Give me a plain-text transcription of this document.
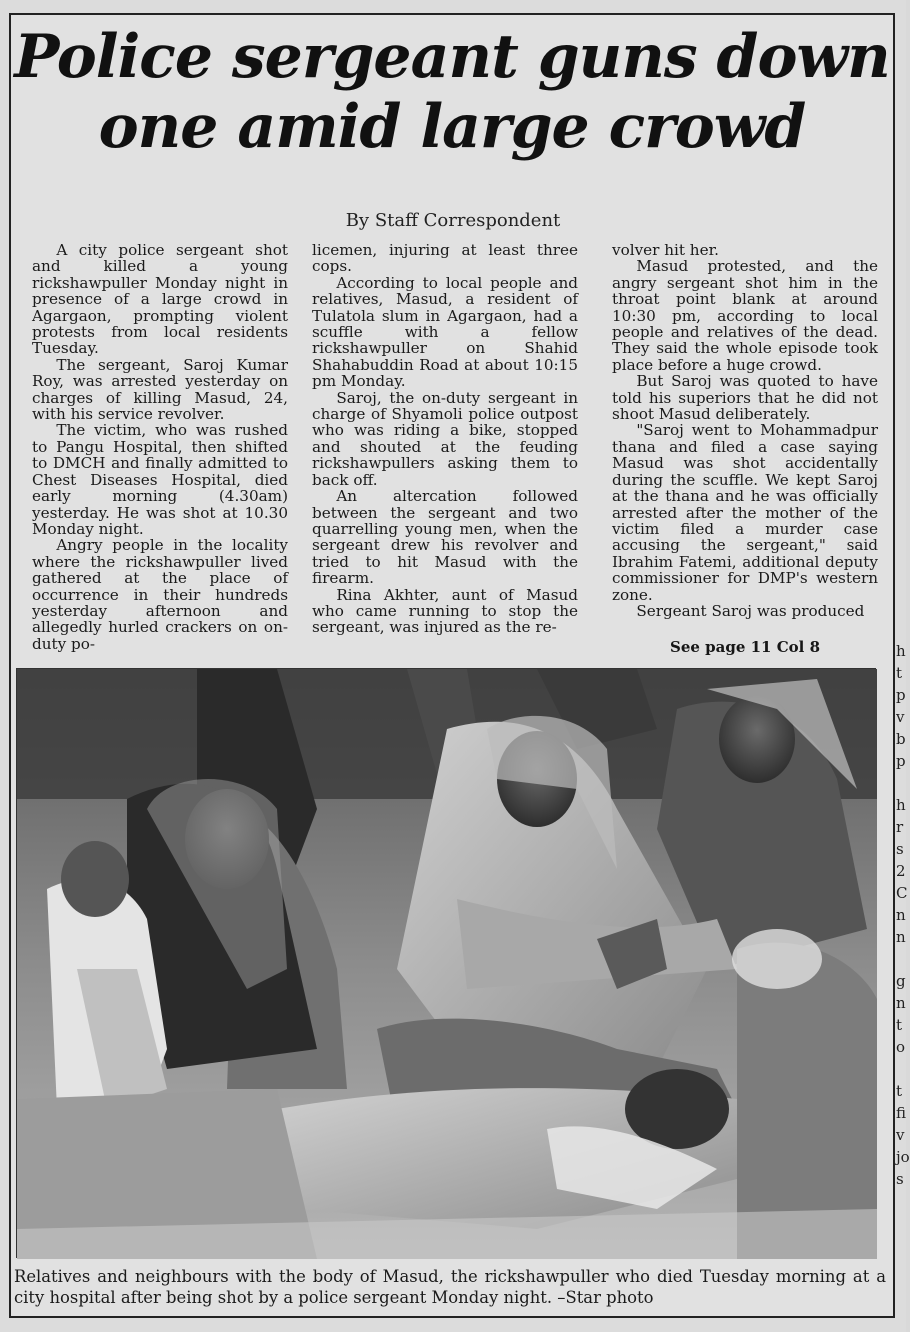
Police sergeant guns down
one amid large crowd
By Staff Correspondent

A city police sergeant shot and killed a young rickshawpuller Monday night in presence of a large crowd in Agargaon, prompting violent protests from local residents Tuesday.

The sergeant, Saroj Kumar Roy, was arrested yesterday on charges of killing Masud, 24, with his service revolver.

The victim, who was rushed to Pangu Hospital, then shifted to DMCH and finally admitted to Chest Diseases Hospital, died early morning (4.30am) yesterday. He was shot at 10.30 Monday night.

Angry people in the locality where the rickshawpuller lived gathered at the place of occurrence in their hundreds yesterday afternoon and allegedly hurled crackers on on-duty po-

licemen, injuring at least three cops.

According to local people and relatives, Masud, a resident of Tulatola slum in Agargaon, had a scuffle with a fellow rickshawpuller on Shahid Shahabuddin Road at about 10:15 pm Monday.

Saroj, the on-duty sergeant in charge of Shyamoli police outpost who was riding a bike, stopped and shouted at the feuding rickshawpullers asking them to back off.

An altercation followed between the sergeant and two quarrelling young men, when the sergeant drew his revolver and tried to hit Masud with the firearm.

Rina Akhter, aunt of Masud who came running to stop the sergeant, was injured as the re-

volver hit her.

Masud protested, and the angry sergeant shot him in the throat point blank at around 10:30 pm, according to local people and relatives of the dead. They said the whole episode took place before a huge crowd.

But Saroj was quoted to have told his superiors that he did not shoot Masud deliberately.

"Saroj went to Mohammadpur thana and filed a case saying Masud was shot accidentally during the scuffle. We kept Saroj at the thana and he was officially arrested after the mother of the victim filed a murder case accusing the sergeant," said Ibrahim Fatemi, additional deputy commissioner for DMP's western zone.

Sergeant Saroj was produced

See page 11 Col 8
Relatives and neighbours with the body of Masud, the rickshawpuller who died Tuesday morning at a city hospital after being shot by a police sergeant Monday night. –Star photo
h
t
p
v
b
p
h
r
s
2
C
n
n
g
n
t
o
t
fi
v
jo
s
